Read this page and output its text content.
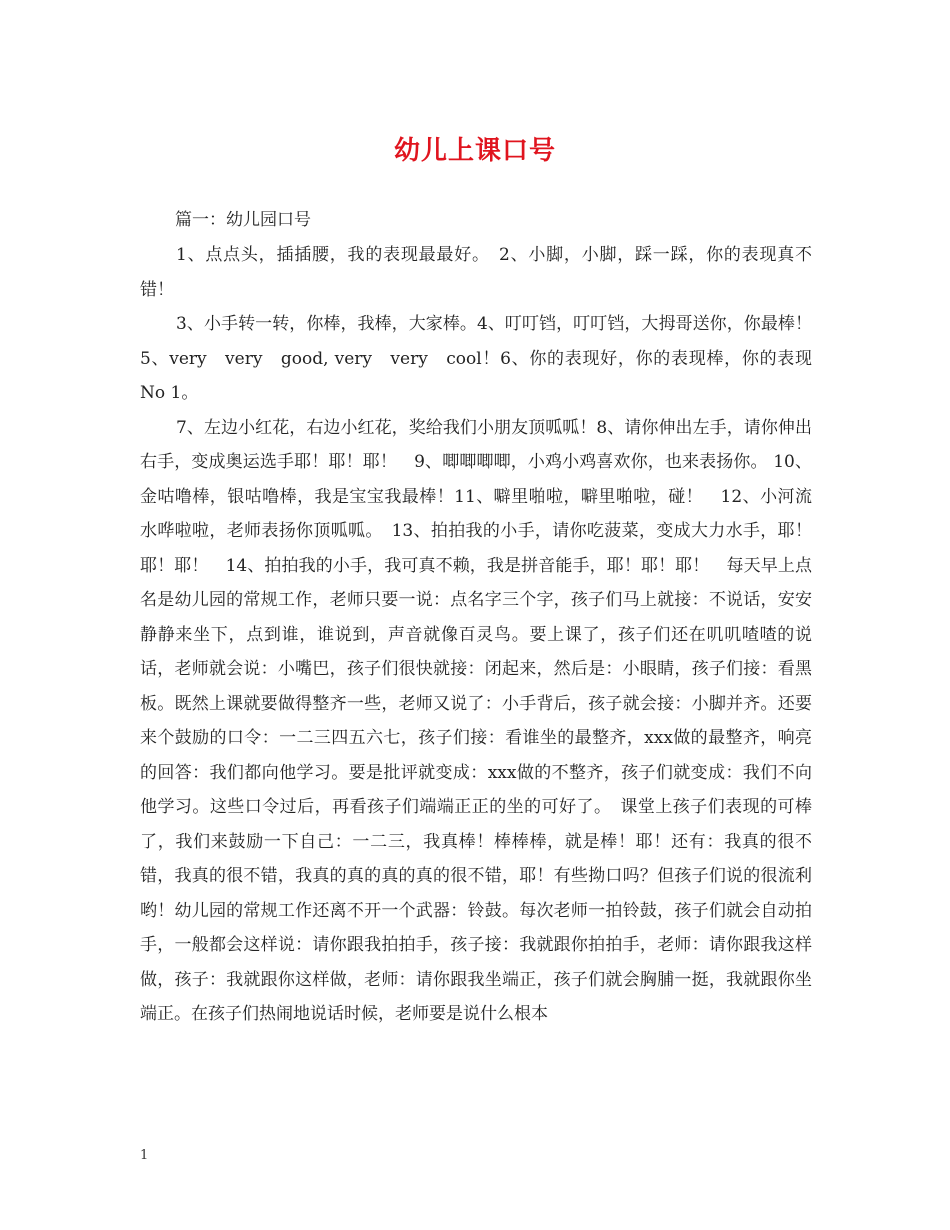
幼儿上课口号
篇一：幼儿园口号

1、点点头，插插腰，我的表现最最好。　2、小脚，小脚，踩一踩，你的表现真不错！

3、小手转一转，你棒，我棒，大家棒。4、叮叮铛，叮叮铛，大拇哥送你，你最棒！5、very　very　good, very　very　cool！6、你的表现好，你的表现棒，你的表现No 1。

7、左边小红花，右边小红花，奖给我们小朋友顶呱呱！8、请你伸出左手，请你伸出右手，变成奥运选手耶！耶！耶！　9、唧唧唧唧，小鸡小鸡喜欢你，也来表扬你。 10、金咕噜棒，银咕噜棒，我是宝宝我最棒！11、噼里啪啦，噼里啪啦，碰！　12、小河流水哗啦啦，老师表扬你顶呱呱。　13、拍拍我的小手，请你吃菠菜，变成大力水手，耶！耶！耶！　14、拍拍我的小手，我可真不赖，我是拼音能手，耶！耶！耶！　每天早上点名是幼儿园的常规工作，老师只要一说：点名字三个字，孩子们马上就接：不说话，安安静静来坐下，点到谁，谁说到，声音就像百灵鸟。要上课了，孩子们还在叽叽喳喳的说话，老师就会说：小嘴巴，孩子们很快就接：闭起来，然后是：小眼睛，孩子们接：看黑板。既然上课就要做得整齐一些，老师又说了：小手背后，孩子就会接：小脚并齐。还要来个鼓励的口令：一二三四五六七，孩子们接：看谁坐的最整齐，xxx做的最整齐，响亮的回答：我们都向他学习。要是批评就变成：xxx做的不整齐，孩子们就变成：我们不向他学习。这些口令过后，再看孩子们端端正正的坐的可好了。　课堂上孩子们表现的可棒了，我们来鼓励一下自己：一二三，我真棒！棒棒棒，就是棒！耶！还有：我真的很不错，我真的很不错，我真的真的真的真的很不错，耶！有些拗口吗？但孩子们说的很流利哟！幼儿园的常规工作还离不开一个武器：铃鼓。每次老师一拍铃鼓，孩子们就会自动拍手，一般都会这样说：请你跟我拍拍手，孩子接：我就跟你拍拍手，老师：请你跟我这样做，孩子：我就跟你这样做，老师：请你跟我坐端正，孩子们就会胸脯一挺，我就跟你坐端正。在孩子们热闹地说话时候，老师要是说什么根本

1
